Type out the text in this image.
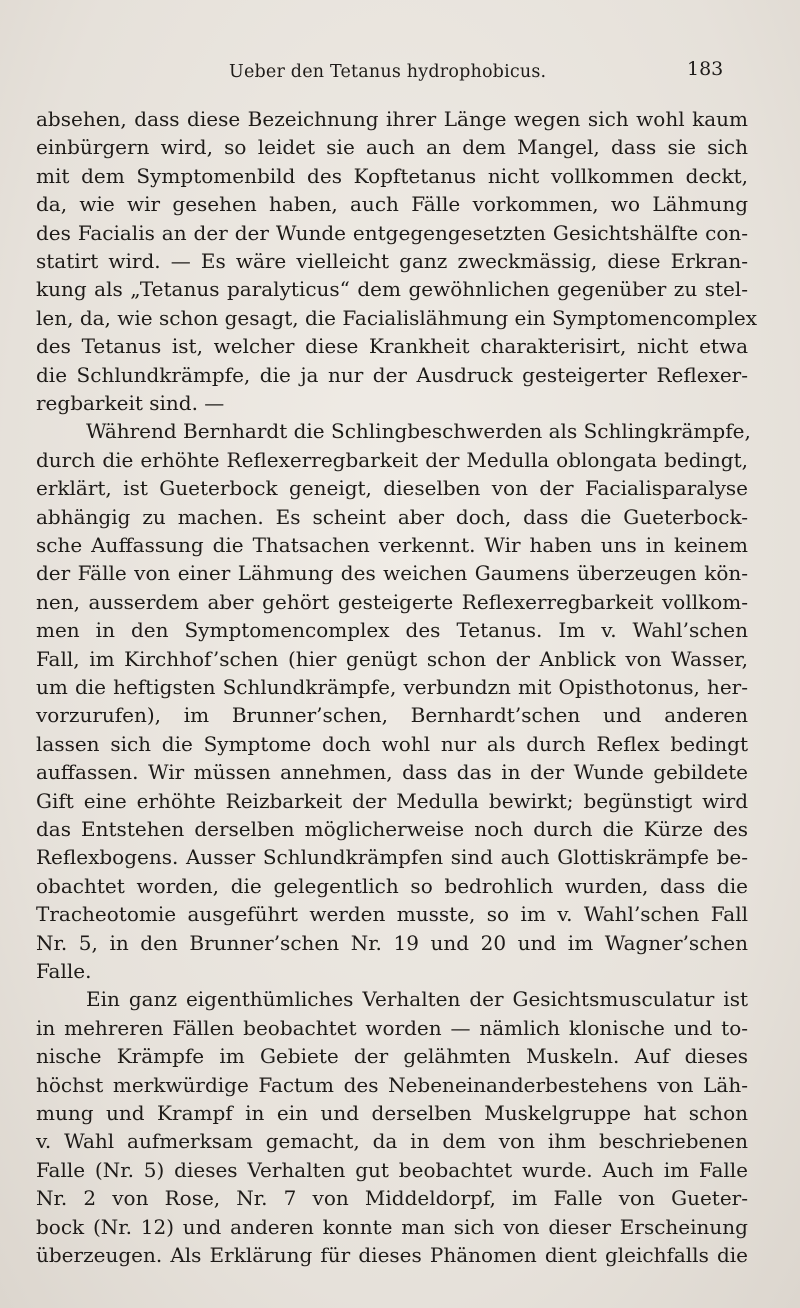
Ueber den Tetanus hydrophobicus.	183
absehen, dass diese Bezeichnung ihrer Länge wegen sich wohl kaum
einbürgern wird, so leidet sie auch an dem Mangel, dass sie sich
mit dem Symptomenbild des Kopftetanus nicht vollkommen deckt,
da, wie wir gesehen haben, auch Fälle vorkommen, wo Lähmung
des Facialis an der der Wunde entgegengesetzten Gesichtshälfte con-
statirt wird. — Es wäre vielleicht ganz zweckmässig, diese Erkran-
kung als „Tetanus paralyticus“ dem gewöhnlichen gegenüber zu stel-
len, da, wie schon gesagt, die Facialislähmung ein Symptomencomplex
des Tetanus ist, welcher diese Krankheit charakterisirt, nicht etwa
die Schlundkrämpfe, die ja nur der Ausdruck gesteigerter Reflexer-
regbarkeit sind. —
Während Bernhardt die Schlingbeschwerden als Schlingkrämpfe,
durch die erhöhte Reflexerregbarkeit der Medulla oblongata bedingt,
erklärt, ist Gueterbock geneigt, dieselben von der Facialisparalyse
abhängig zu machen. Es scheint aber doch, dass die Gueterbock-
sche Auffassung die Thatsachen verkennt. Wir haben uns in keinem
der Fälle von einer Lähmung des weichen Gaumens überzeugen kön-
nen, ausserdem aber gehört gesteigerte Reflexerregbarkeit vollkom-
men in den Symptomencomplex des Tetanus. Im v. Wahl’schen
Fall, im Kirchhof’schen (hier genügt schon der Anblick von Wasser,
um die heftigsten Schlundkrämpfe, verbundzn mit Opisthotonus, her-
vorzurufen), im Brunner’schen, Bernhardt’schen und anderen
lassen sich die Symptome doch wohl nur als durch Reflex bedingt
auffassen. Wir müssen annehmen, dass das in der Wunde gebildete
Gift eine erhöhte Reizbarkeit der Medulla bewirkt; begünstigt wird
das Entstehen derselben möglicherweise noch durch die Kürze des
Reflexbogens. Ausser Schlundkrämpfen sind auch Glottiskrämpfe be-
obachtet worden, die gelegentlich so bedrohlich wurden, dass die
Tracheotomie ausgeführt werden musste, so im v. Wahl’schen Fall
Nr. 5, in den Brunner’schen Nr. 19 und 20 und im Wagner’schen
Falle.
Ein ganz eigenthümliches Verhalten der Gesichtsmusculatur ist
in mehreren Fällen beobachtet worden — nämlich klonische und to-
nische Krämpfe im Gebiete der gelähmten Muskeln. Auf dieses
höchst merkwürdige Factum des Nebeneinanderbestehens von Läh-
mung und Krampf in ein und derselben Muskelgruppe hat schon
v. Wahl aufmerksam gemacht, da in dem von ihm beschriebenen
Falle (Nr. 5) dieses Verhalten gut beobachtet wurde. Auch im Falle
Nr. 2 von Rose, Nr. 7 von Middeldorpf, im Falle von Gueter-
bock (Nr. 12) und anderen konnte man sich von dieser Erscheinung
überzeugen. Als Erklärung für dieses Phänomen dient gleichfalls die
